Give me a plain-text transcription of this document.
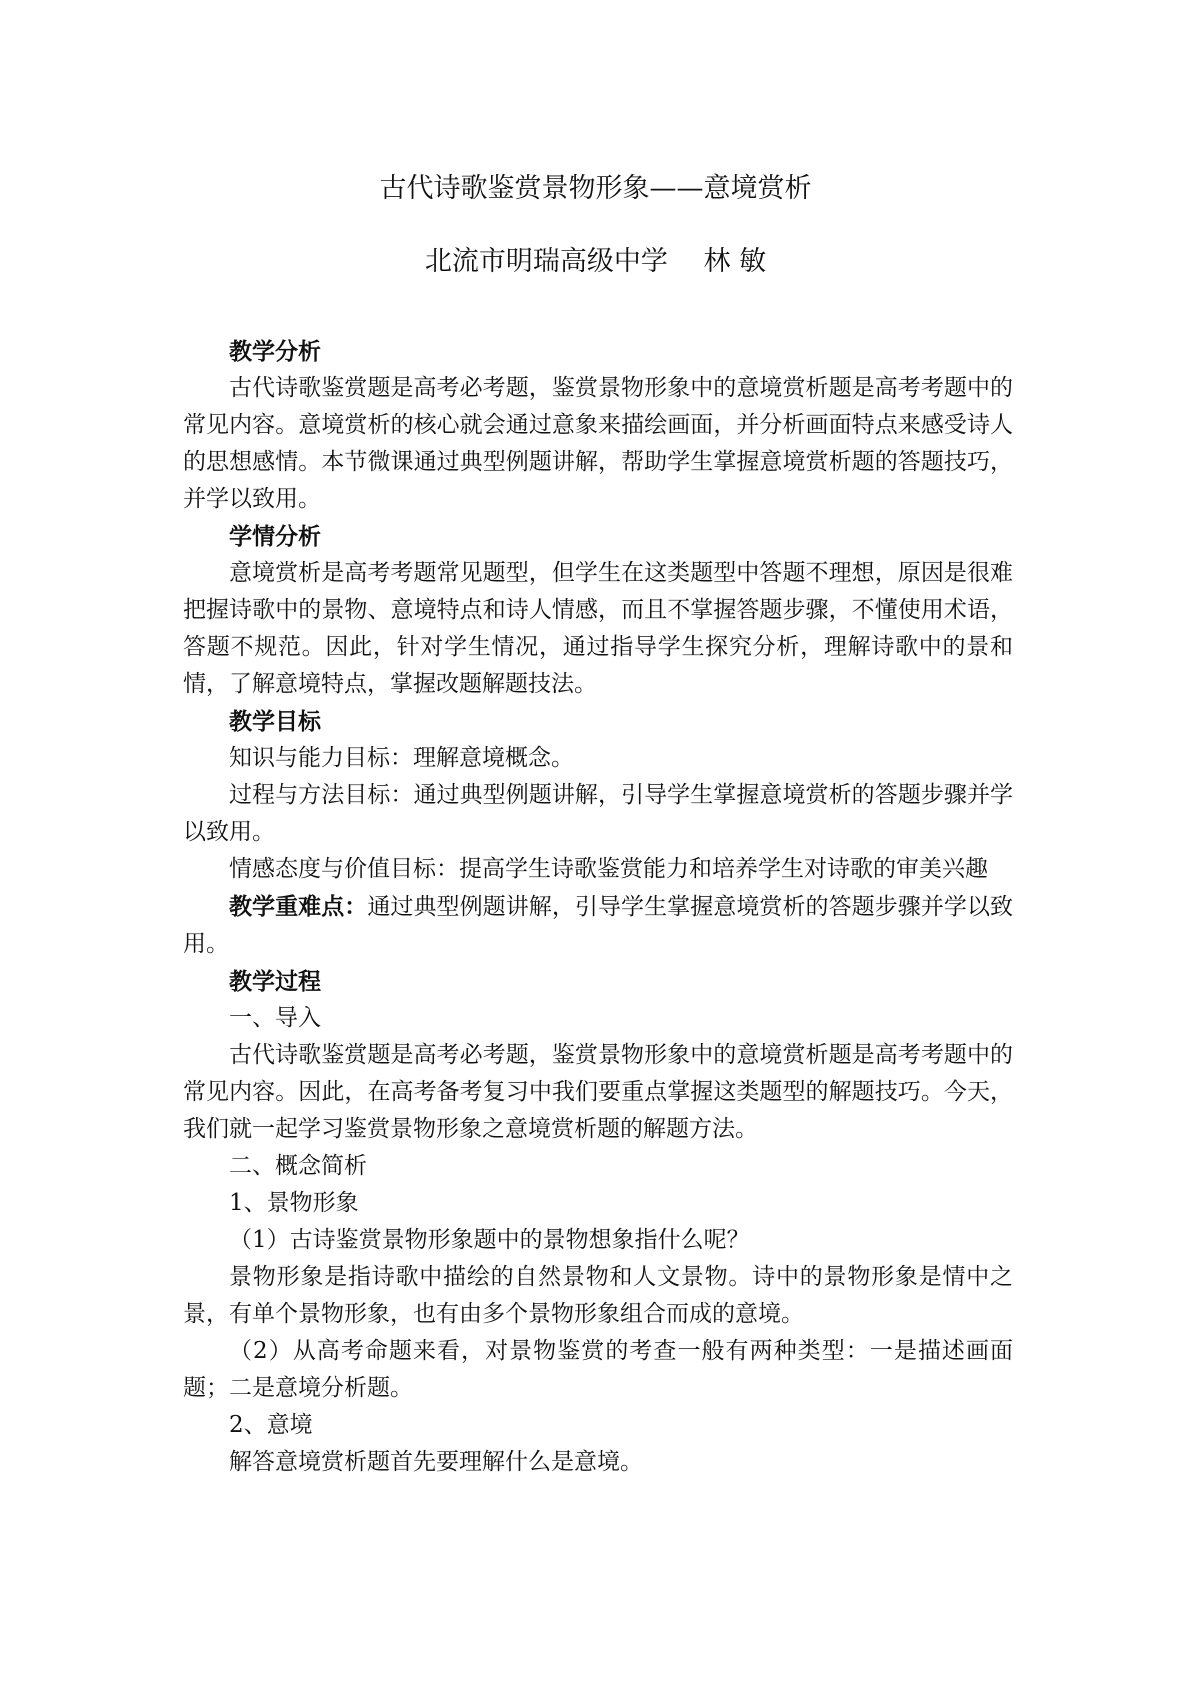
古代诗歌鉴赏景物形象——意境赏析
北流市明瑞高级中学　 林 敏

教学分析

古代诗歌鉴赏题是高考必考题，鉴赏景物形象中的意境赏析题是高考考题中的常见内容。意境赏析的核心就会通过意象来描绘画面，并分析画面特点来感受诗人的思想感情。本节微课通过典型例题讲解，帮助学生掌握意境赏析题的答题技巧，并学以致用。

学情分析

意境赏析是高考考题常见题型，但学生在这类题型中答题不理想，原因是很难把握诗歌中的景物、意境特点和诗人情感，而且不掌握答题步骤，不懂使用术语，答题不规范。因此，针对学生情况，通过指导学生探究分析，理解诗歌中的景和情，了解意境特点，掌握改题解题技法。

教学目标

知识与能力目标：理解意境概念。

过程与方法目标：通过典型例题讲解，引导学生掌握意境赏析的答题步骤并学以致用。

情感态度与价值目标：提高学生诗歌鉴赏能力和培养学生对诗歌的审美兴趣

教学重难点：通过典型例题讲解，引导学生掌握意境赏析的答题步骤并学以致用。

教学过程

一、导入

古代诗歌鉴赏题是高考必考题，鉴赏景物形象中的意境赏析题是高考考题中的常见内容。因此，在高考备考复习中我们要重点掌握这类题型的解题技巧。今天，我们就一起学习鉴赏景物形象之意境赏析题的解题方法。

二、概念简析

1、景物形象

（1）古诗鉴赏景物形象题中的景物想象指什么呢？

景物形象是指诗歌中描绘的自然景物和人文景物。诗中的景物形象是情中之景，有单个景物形象，也有由多个景物形象组合而成的意境。

（2）从高考命题来看，对景物鉴赏的考查一般有两种类型：一是描述画面题；二是意境分析题。

2、意境

解答意境赏析题首先要理解什么是意境。
